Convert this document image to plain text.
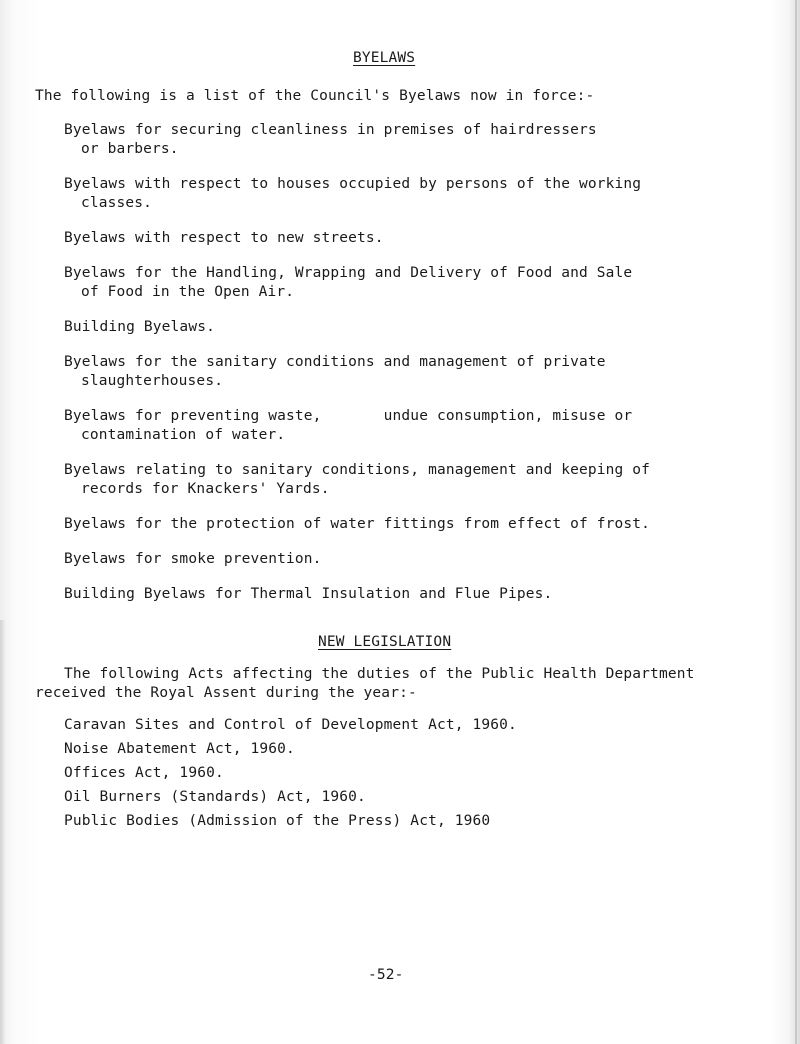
BYELAWS
The following is a list of the Council's Byelaws now in force:-
Byelaws for securing cleanliness in premises of hairdressers
or barbers.
Byelaws with respect to houses occupied by persons of the working
classes.
Byelaws with respect to new streets.
Byelaws for the Handling, Wrapping and Delivery of Food and Sale
of Food in the Open Air.
Building Byelaws.
Byelaws for the sanitary conditions and management of private
slaughterhouses.
Byelaws for preventing waste,       undue consumption, misuse or
contamination of water.
Byelaws relating to sanitary conditions, management and keeping of
records for Knackers' Yards.
Byelaws for the protection of water fittings from effect of frost.
Byelaws for smoke prevention.
Building Byelaws for Thermal Insulation and Flue Pipes.
NEW LEGISLATION
The following Acts affecting the duties of the Public Health Department
received the Royal Assent during the year:-
Caravan Sites and Control of Development Act, 1960.
Noise Abatement Act, 1960.
Offices Act, 1960.
Oil Burners (Standards) Act, 1960.
Public Bodies (Admission of the Press) Act, 1960
-52-
